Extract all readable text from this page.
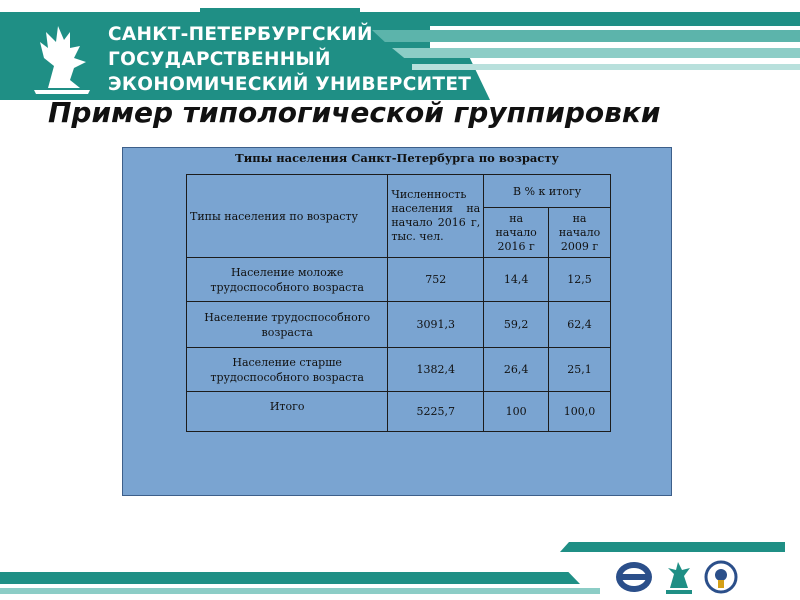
САНКТ-ПЕТЕРБУРГСКИЙ
ГОСУДАРСТВЕННЫЙ
ЭКОНОМИЧЕСКИЙ УНИВЕРСИТЕТ
Пример типологической группировки
Типы населения Санкт-Петербурга по возрасту
Типы населения по возрасту	Численность населения на начало 2016 г, тыс. чел.	В % к итогу	
		на начало 2016 г	на начало 2009 г
Население моложе трудоспособного возраста	752	14,4	12,5
Население трудоспособного возраста	3091,3	59,2	62,4
Население старше трудоспособного возраста	1382,4	26,4	25,1
Итого	5225,7	100	100,0
